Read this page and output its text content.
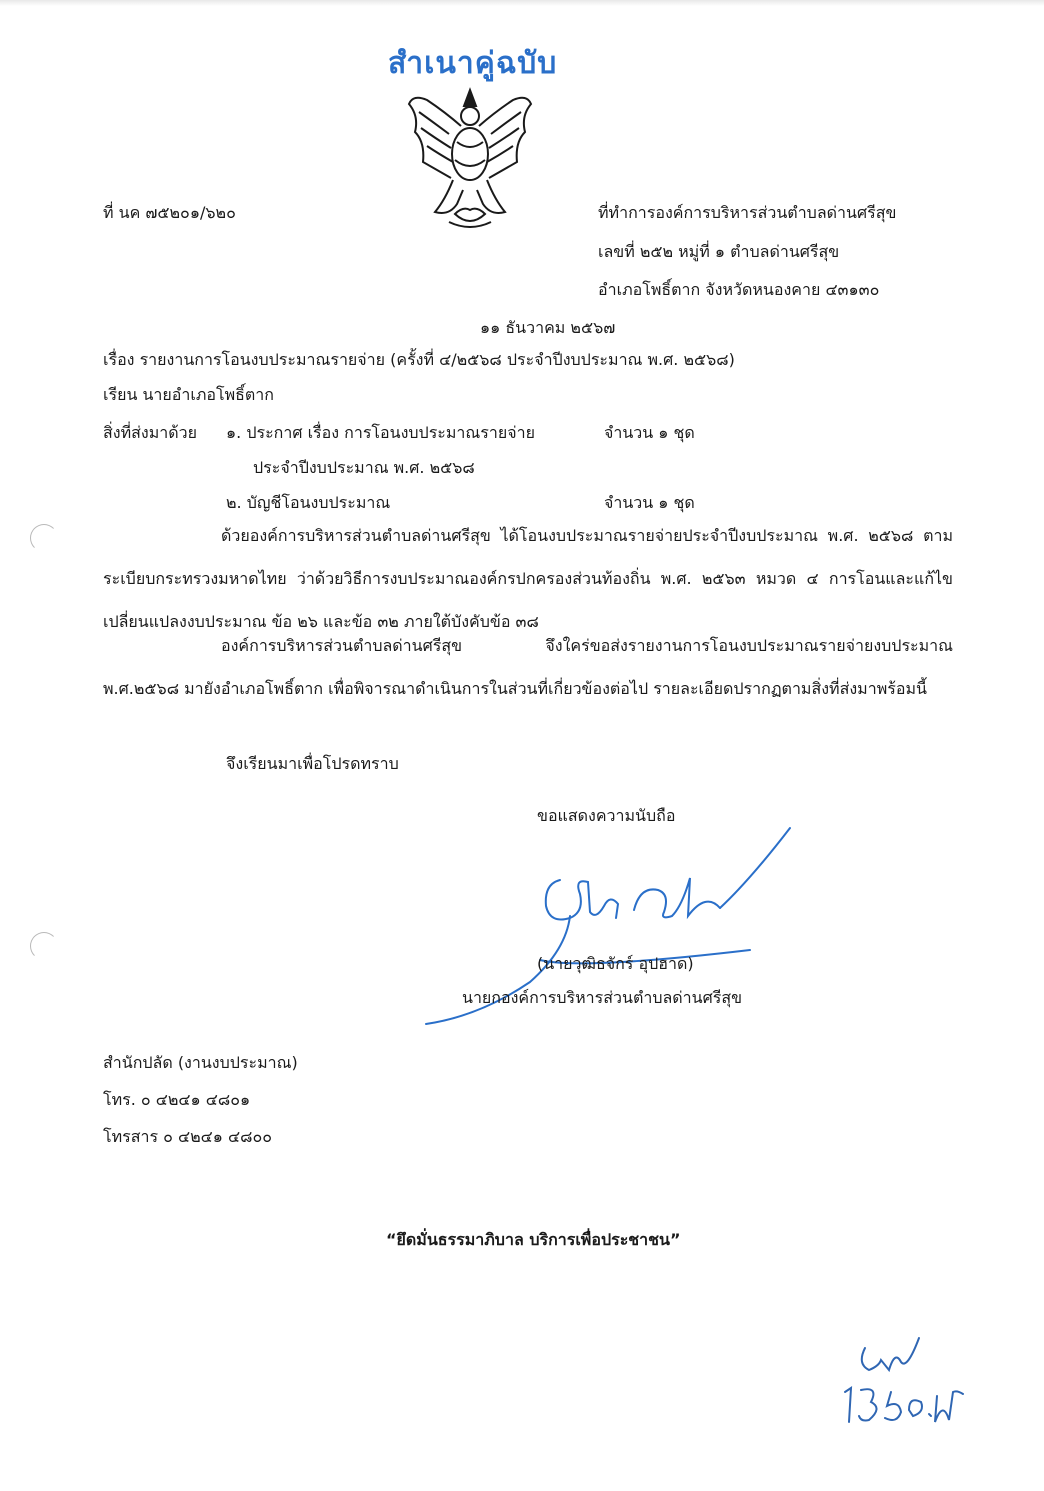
สำเนาคู่ฉบับ
ที่ นค ๗๕๒๐๑/๖๒๐	ที่ทำการองค์การบริหารส่วนตำบลด่านศรีสุข
เลขที่ ๒๕๒ หมู่ที่ ๑ ตำบลด่านศรีสุข
อำเภอโพธิ์ตาก จังหวัดหนองคาย ๔๓๑๓๐
๑๑ ธันวาคม ๒๕๖๗
เรื่อง รายงานการโอนงบประมาณรายจ่าย (ครั้งที่ ๔/๒๕๖๘ ประจำปีงบประมาณ พ.ศ. ๒๕๖๘)
เรียน นายอำเภอโพธิ์ตาก
สิ่งที่ส่งมาด้วย ๑. ประกาศ เรื่อง การโอนงบประมาณรายจ่าย	จำนวน ๑ ชุด
ประจำปีงบประมาณ พ.ศ. ๒๕๖๘
๒. บัญชีโอนงบประมาณ	จำนวน ๑ ชุด
ด้วยองค์การบริหารส่วนตำบลด่านศรีสุข ได้โอนงบประมาณรายจ่ายประจำปีงบประมาณ พ.ศ. ๒๕๖๘ ตามระเบียบกระทรวงมหาดไทย ว่าด้วยวิธีการงบประมาณองค์กรปกครองส่วนท้องถิ่น พ.ศ. ๒๕๖๓ หมวด ๔ การโอนและแก้ไขเปลี่ยนแปลงงบประมาณ ข้อ ๒๖ และข้อ ๓๒ ภายใต้บังคับข้อ ๓๘
องค์การบริหารส่วนตำบลด่านศรีสุข จึงใคร่ขอส่งรายงานการโอนงบประมาณรายจ่ายงบประมาณ พ.ศ.๒๕๖๘ มายังอำเภอโพธิ์ตาก เพื่อพิจารณาดำเนินการในส่วนที่เกี่ยวข้องต่อไป รายละเอียดปรากฏตามสิ่งที่ส่งมาพร้อมนี้
จึงเรียนมาเพื่อโปรดทราบ
ขอแสดงความนับถือ
(นายวุฒิธจักร์ อุปฮาด)
นายกองค์การบริหารส่วนตำบลด่านศรีสุข
สำนักปลัด (งานงบประมาณ)
โทร. ๐ ๔๒๔๑ ๔๘๐๑
โทรสาร ๐ ๔๒๔๑ ๔๘๐๐
“ยึดมั่นธรรมาภิบาล บริการเพื่อประชาชน”
